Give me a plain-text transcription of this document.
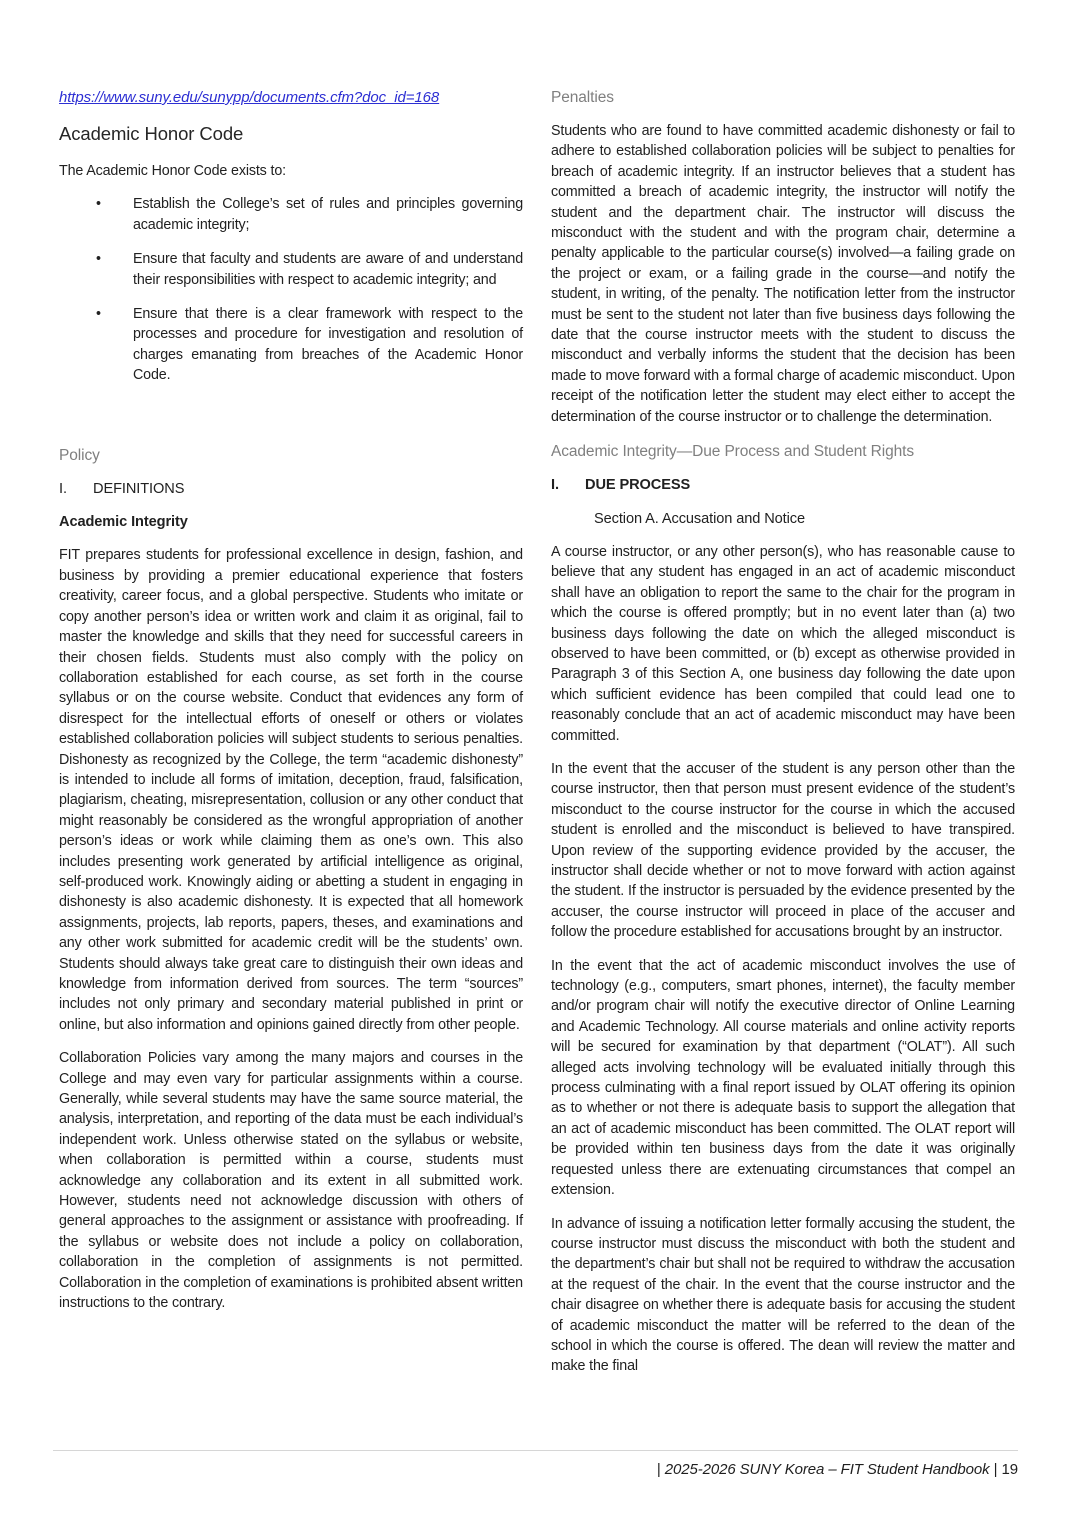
https://www.suny.edu/sunypp/documents.cfm?doc_id=168

Academic Honor Code

The Academic Honor Code exists to:

•	Establish the College’s set of rules and principles governing academic integrity;
•	Ensure that faculty and students are aware of and understand their responsibilities with respect to academic integrity; and
•	Ensure that there is a clear framework with respect to the processes and procedure for investigation and resolution of charges emanating from breaches of the Academic Honor Code.

Policy

I. DEFINITIONS

Academic Integrity

FIT prepares students for professional excellence in design, fashion, and business by providing a premier educational experience that fosters creativity, career focus, and a global perspective. Students who imitate or copy another person’s idea or written work and claim it as original, fail to master the knowledge and skills that they need for successful careers in their chosen fields. Students must also comply with the policy on collaboration established for each course, as set forth in the course syllabus or on the course website. Conduct that evidences any form of disrespect for the intellectual efforts of oneself or others or violates established collaboration policies will subject students to serious penalties. Dishonesty as recognized by the College, the term “academic dishonesty” is intended to include all forms of imitation, deception, fraud, falsification, plagiarism, cheating, misrepresentation, collusion or any other conduct that might reasonably be considered as the wrongful appropriation of another person’s ideas or work while claiming them as one’s own. This also includes presenting work generated by artificial intelligence as original, self-produced work. Knowingly aiding or abetting a student in engaging in dishonesty is also academic dishonesty. It is expected that all homework assignments, projects, lab reports, papers, theses, and examinations and any other work submitted for academic credit will be the students’ own. Students should always take great care to distinguish their own ideas and knowledge from information derived from sources. The term “sources” includes not only primary and secondary material published in print or online, but also information and opinions gained directly from other people.

Collaboration Policies vary among the many majors and courses in the College and may even vary for particular assignments within a course. Generally, while several students may have the same source material, the analysis, interpretation, and reporting of the data must be each individual’s independent work. Unless otherwise stated on the syllabus or website, when collaboration is permitted within a course, students must acknowledge any collaboration and its extent in all submitted work. However, students need not acknowledge discussion with others of general approaches to the assignment or assistance with proofreading. If the syllabus or website does not include a policy on collaboration, collaboration in the completion of assignments is not permitted. Collaboration in the completion of examinations is prohibited absent written instructions to the contrary.

Penalties

Students who are found to have committed academic dishonesty or fail to adhere to established collaboration policies will be subject to penalties for breach of academic integrity. If an instructor believes that a student has committed a breach of academic integrity, the instructor will notify the student and the department chair. The instructor will discuss the misconduct with the student and with the program chair, determine a penalty applicable to the particular course(s) involved—a failing grade on the project or exam, or a failing grade in the course—and notify the student, in writing, of the penalty. The notification letter from the instructor must be sent to the student not later than five business days following the date that the course instructor meets with the student to discuss the misconduct and verbally informs the student that the decision has been made to move forward with a formal charge of academic misconduct. Upon receipt of the notification letter the student may elect either to accept the determination of the course instructor or to challenge the determination.

Academic Integrity—Due Process and Student Rights

I. DUE PROCESS

Section A. Accusation and Notice

A course instructor, or any other person(s), who has reasonable cause to believe that any student has engaged in an act of academic misconduct shall have an obligation to report the same to the chair for the program in which the course is offered promptly; but in no event later than (a) two business days following the date on which the alleged misconduct is observed to have been committed, or (b) except as otherwise provided in Paragraph 3 of this Section A, one business day following the date upon which sufficient evidence has been compiled that could lead one to reasonably conclude that an act of academic misconduct may have been committed.

In the event that the accuser of the student is any person other than the course instructor, then that person must present evidence of the student’s misconduct to the course instructor for the course in which the accused student is enrolled and the misconduct is believed to have transpired. Upon review of the supporting evidence provided by the accuser, the instructor shall decide whether or not to move forward with action against the student. If the instructor is persuaded by the evidence presented by the accuser, the course instructor will proceed in place of the accuser and follow the procedure established for accusations brought by an instructor.

In the event that the act of academic misconduct involves the use of technology (e.g., computers, smart phones, internet), the faculty member and/or program chair will notify the executive director of Online Learning and Academic Technology. All course materials and online activity reports will be secured for examination by that department (“OLAT”). All such alleged acts involving technology will be evaluated initially through this process culminating with a final report issued by OLAT offering its opinion as to whether or not there is adequate basis to support the allegation that an act of academic misconduct has been committed. The OLAT report will be provided within ten business days from the date it was originally requested unless there are extenuating circumstances that compel an extension.

In advance of issuing a notification letter formally accusing the student, the course instructor must discuss the misconduct with both the student and the department’s chair but shall not be required to withdraw the accusation at the request of the chair. In the event that the course instructor and the chair disagree on whether there is adequate basis for accusing the student of academic misconduct the matter will be referred to the dean of the school in which the course is offered. The dean will review the matter and make the final

| 2025-2026 SUNY Korea – FIT Student Handbook | 19
